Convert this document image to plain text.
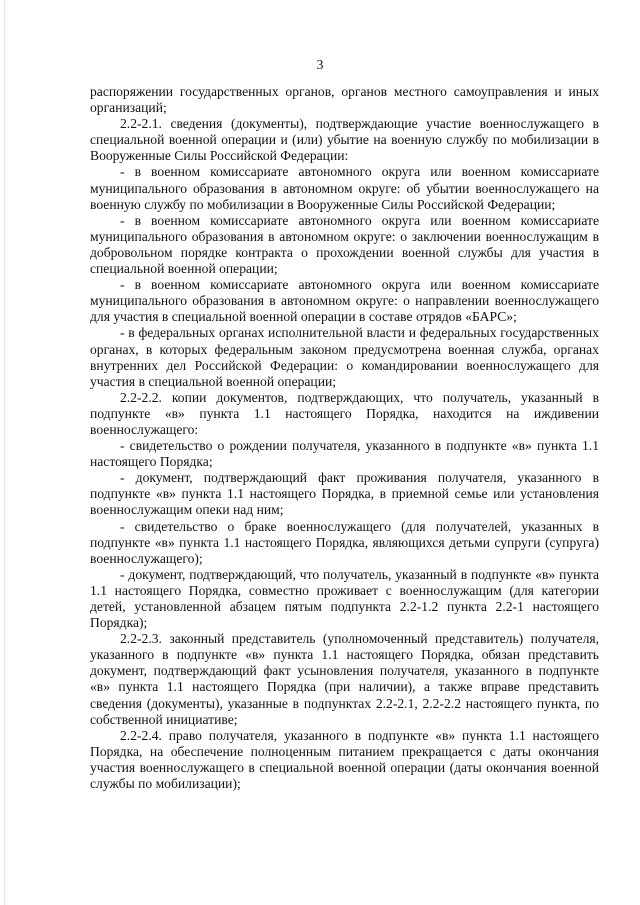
3

распоряжении государственных органов, органов местного самоуправления и иных организаций;

2.2-2.1. сведения (документы), подтверждающие участие военнослужащего в специальной военной операции и (или) убытие на военную службу по мобилизации в Вооруженные Силы Российской Федерации:

- в военном комиссариате автономного округа или военном комиссариате муниципального образования в автономном округе: об убытии военнослужащего на военную службу по мобилизации в Вооруженные Силы Российской Федерации;

- в военном комиссариате автономного округа или военном комиссариате муниципального образования в автономном округе: о заключении военнослужащим в добровольном порядке контракта о прохождении военной службы для участия в специальной военной операции;

- в военном комиссариате автономного округа или военном комиссариате муниципального образования в автономном округе: о направлении военнослужащего для участия в специальной военной операции в составе отрядов «БАРС»;

- в федеральных органах исполнительной власти и федеральных государственных органах, в которых федеральным законом предусмотрена военная служба, органах внутренних дел Российской Федерации: о командировании военнослужащего для участия в специальной военной операции;

2.2-2.2. копии документов, подтверждающих, что получатель, указанный в подпункте «в» пункта 1.1 настоящего Порядка, находится на иждивении военнослужащего:

- свидетельство о рождении получателя, указанного в подпункте «в» пункта 1.1 настоящего Порядка;

- документ, подтверждающий факт проживания получателя, указанного в подпункте «в» пункта 1.1 настоящего Порядка, в приемной семье или установления военнослужащим опеки над ним;

- свидетельство о браке военнослужащего (для получателей, указанных в подпункте «в» пункта 1.1 настоящего Порядка, являющихся детьми супруги (супруга) военнослужащего);

- документ, подтверждающий, что получатель, указанный в подпункте «в» пункта 1.1 настоящего Порядка, совместно проживает с военнослужащим (для категории детей, установленной абзацем пятым подпункта 2.2-1.2 пункта 2.2-1 настоящего Порядка);

2.2-2.3. законный представитель (уполномоченный представитель) получателя, указанного в подпункте «в» пункта 1.1 настоящего Порядка, обязан представить документ, подтверждающий факт усыновления получателя, указанного в подпункте «в» пункта 1.1 настоящего Порядка (при наличии), а также вправе представить сведения (документы), указанные в подпунктах 2.2-2.1, 2.2-2.2 настоящего пункта, по собственной инициативе;

2.2-2.4. право получателя, указанного в подпункте «в» пункта 1.1 настоящего Порядка, на обеспечение полноценным питанием прекращается с даты окончания участия военнослужащего в специальной военной операции (даты окончания военной службы по мобилизации);
